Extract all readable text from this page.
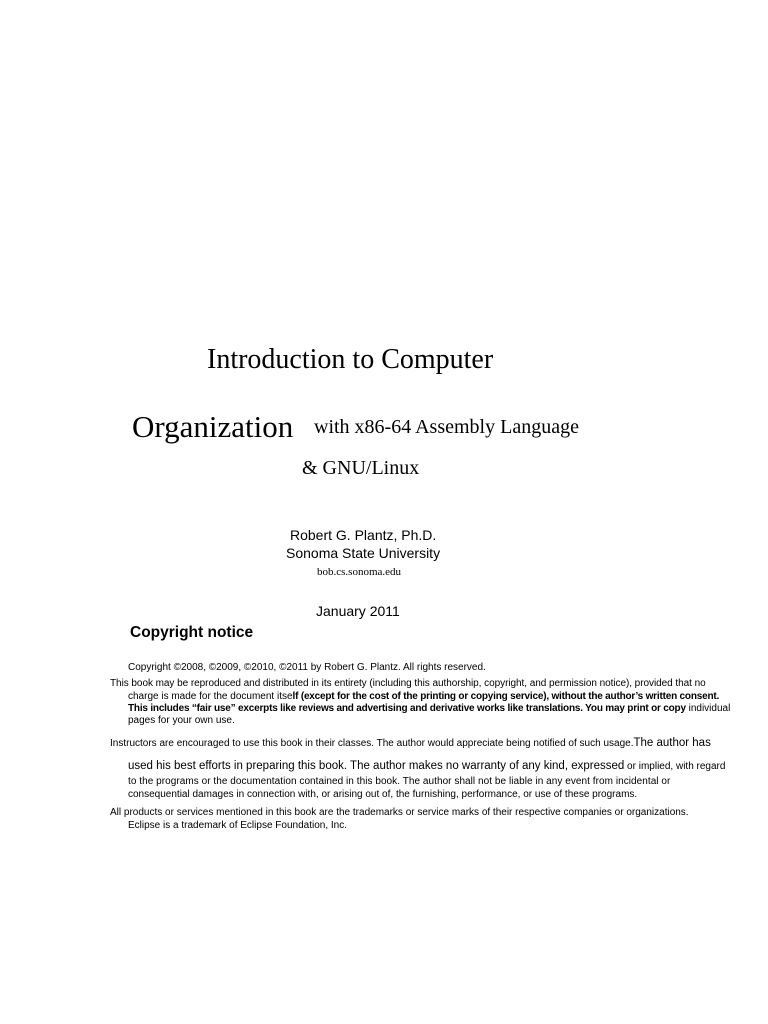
Introduction to Computer
Organization with x86-64 Assembly Language
& GNU/Linux
Robert G. Plantz, Ph.D.
Sonoma State University
bob.cs.sonoma.edu
January 2011
Copyright notice
Copyright ©2008, ©2009, ©2010, ©2011 by Robert G. Plantz. All rights reserved.
This book may be reproduced and distributed in its entirety (including this authorship, copyright, and permission notice), provided that no
charge is made for the document itself (except for the cost of the printing or copying service), without the author’s written consent.
This includes “fair use” excerpts like reviews and advertising and derivative works like translations. You may print or copy individual
pages for your own use.
Instructors are encouraged to use this book in their classes. The author would appreciate being notified of such usage.The author has
used his best efforts in preparing this book. The author makes no warranty of any kind, expressed or implied, with regard
to the programs or the documentation contained in this book. The author shall not be liable in any event from incidental or
consequential damages in connection with, or arising out of, the furnishing, performance, or use of these programs.
All products or services mentioned in this book are the trademarks or service marks of their respective companies or organizations.
Eclipse is a trademark of Eclipse Foundation, Inc.
